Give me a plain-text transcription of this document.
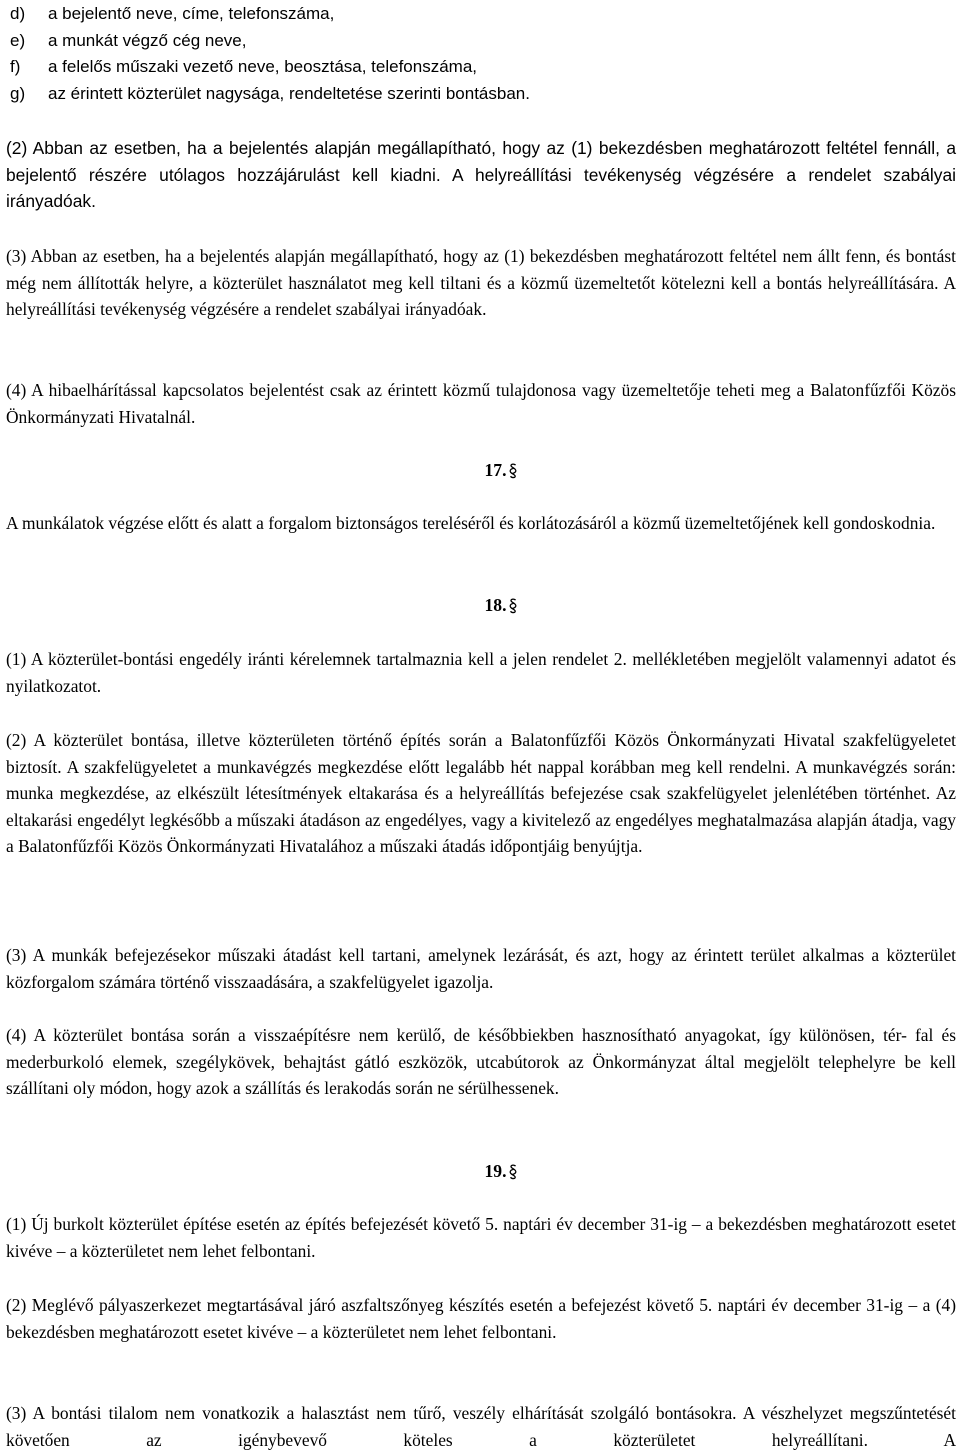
d)	a bejelentő neve, címe, telefonszáma,
e)	a munkát végző cég neve,
f)	a felelős műszaki vezető neve, beosztása, telefonszáma,
g)	az érintett közterület nagysága, rendeltetése szerinti bontásban.

(2) Abban az esetben, ha a bejelentés alapján megállapítható, hogy az (1) bekezdésben meghatározott feltétel fennáll, a bejelentő részére utólagos hozzájárulást kell kiadni. A helyreállítási tevékenység végzésére a rendelet szabályai irányadóak.

(3) Abban az esetben, ha a bejelentés alapján megállapítható, hogy az (1) bekezdésben meghatározott feltétel nem állt fenn, és bontást még nem állították helyre, a közterület használatot meg kell tiltani és a közmű üzemeltetőt kötelezni kell a bontás helyreállítására. A helyreállítási tevékenység végzésére a rendelet szabályai irányadóak.

(4) A hibaelhárítással kapcsolatos bejelentést csak az érintett közmű tulajdonosa vagy üzemeltetője teheti meg a Balatonfűzfői Közös Önkormányzati Hivatalnál.

17.

A munkálatok végzése előtt és alatt a forgalom biztonságos tereléséről és korlátozásáról a közmű üzemeltetőjének kell gondoskodnia.

18.

(1) A közterület-bontási engedély iránti kérelemnek tartalmaznia kell a jelen rendelet 2. mellékletében megjelölt valamennyi adatot és nyilatkozatot.

(2) A közterület bontása, illetve közterületen történő építés során a Balatonfűzfői Közös Önkormányzati Hivatal szakfelügyeletet biztosít. A szakfelügyeletet a munkavégzés megkezdése előtt legalább hét nappal korábban meg kell rendelni. A munkavégzés során: munka megkezdése, az elkészült létesítmények eltakarása és a helyreállítás befejezése csak szakfelügyelet jelenlétében történhet. Az eltakarási engedélyt legkésőbb a műszaki átadáson az engedélyes, vagy a kivitelező az engedélyes meghatalmazása alapján átadja, vagy a Balatonfűzfői Közös Önkormányzati Hivatalához a műszaki átadás időpontjáig benyújtja.

(3) A munkák befejezésekor műszaki átadást kell tartani, amelynek lezárását, és azt, hogy az érintett terület alkalmas a közterület közforgalom számára történő visszaadására, a szakfelügyelet igazolja.

(4) A közterület bontása során a visszaépítésre nem kerülő, de későbbiekben hasznosítható anyagokat, így különösen, tér- fal és mederburkoló elemek, szegélykövek, behajtást gátló eszközök, utcabútorok az Önkormányzat által megjelölt telephelyre be kell szállítani oly módon, hogy azok a szállítás és lerakodás során ne sérülhessenek.

19.

(1) Új burkolt közterület építése esetén az építés befejezését követő 5. naptári év december 31-ig – a bekezdésben meghatározott esetet kivéve – a közterületet nem lehet felbontani.

(2) Meglévő pályaszerkezet megtartásával járó aszfaltszőnyeg készítés esetén a befejezést követő 5. naptári év december 31-ig – a (4) bekezdésben meghatározott esetet kivéve – a közterületet nem lehet felbontani.

(3) A bontási tilalom nem vonatkozik a halasztást nem tűrő, veszély elhárítását szolgáló bontásokra. A vészhelyzet megszűntetését követően az igénybevevő köteles a közterületet helyreállítani. A
